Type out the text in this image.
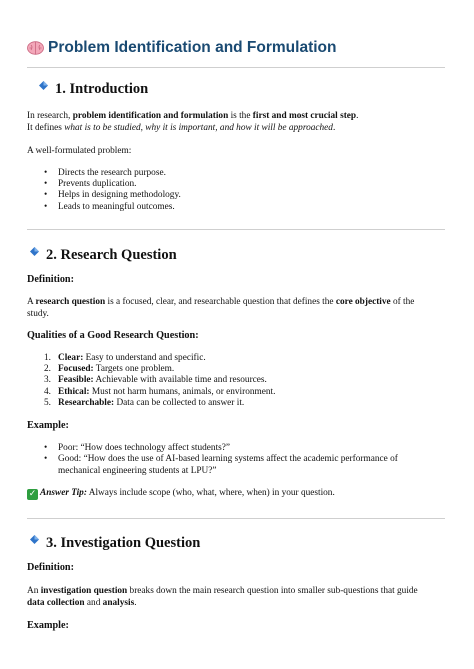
Problem Identification and Formulation
1. Introduction

In research, problem identification and formulation is the first and most crucial step.
It defines what is to be studied, why it is important, and how it will be approached.

A well-formulated problem:

• Directs the research purpose.
• Prevents duplication.
• Helps in designing methodology.
• Leads to meaningful outcomes.
2. Research Question
Definition:

A research question is a focused, clear, and researchable question that defines the core objective of the
study.

Qualities of a Good Research Question:
1. Clear: Easy to understand and specific.
2. Focused: Targets one problem.
3. Feasible: Achievable with available time and resources.
4. Ethical: Must not harm humans, animals, or environment.
5. Researchable: Data can be collected to answer it.
Example:
• Poor: “How does technology affect students?”
• Good: “How does the use of AI-based learning systems affect the academic performance of
mechanical engineering students at LPU?”

✓ Answer Tip: Always include scope (who, what, where, when) in your question.

3. Investigation Question
Definition:

An investigation question breaks down the main research question into smaller sub-questions that guide
data collection and analysis.

Example:
